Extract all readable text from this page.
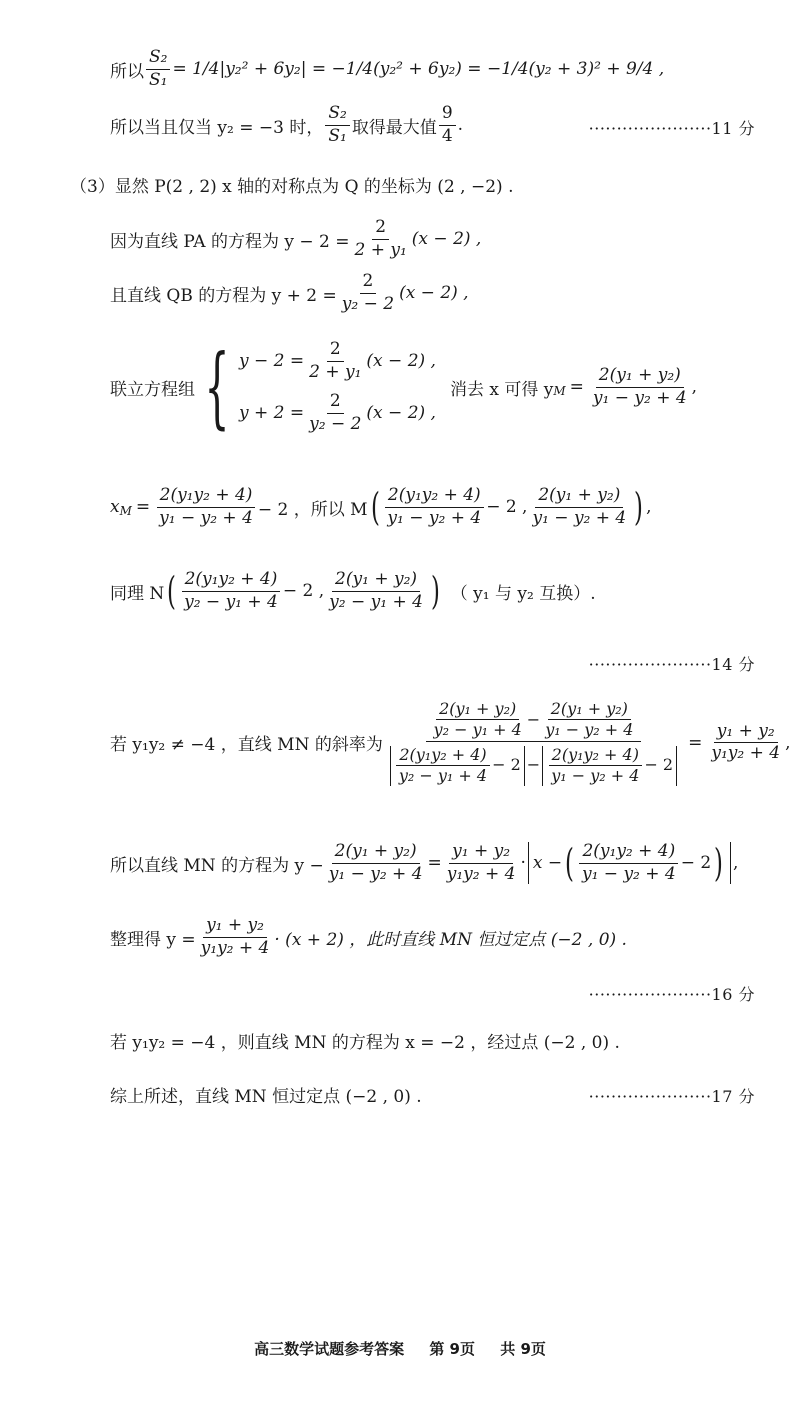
所以 $\frac{\text{S₂}}{\text{S₁}} = 1/4|y_2^2 + 6y_2| = -1/4(y_2^2 + 6y_2) = -1/4(y_2 + 3)^2 + 9/4$ ,
所以当且仅当 y₂ = −3 时， $\frac{\text{S₂}}{\text{S₁}}$ 取得最大值 $\frac{9}{4}$ .	······················11 分
（3）显然 P(2 , 2) x 轴的对称点为 Q 的坐标为 (2 , −2) .
因为直线 PA 的方程为 $y - 2 = \frac{2}{\text{2 + y₁}} (x - 2)$ ,
且直线 QB 的方程为 $y + 2 = \frac{2}{\text{y₂ − 2}} (x - 2)$ ,
联立方程组 { $y - 2 = \frac{2}{\text{2 + y₁}} (x - 2)$ ,
$y + 2 = \frac{2}{\text{y₂ − 2}} (x - 2)$ ,
消去 x 可得 y $M = \frac{\text{2(y₁ + y₂)}}{\text{y₁ − y₂ + 4}}$ ,
x $M = \frac{\text{2(y₁y₂ + 4)}}{\text{y₁ − y₂ + 4}} - 2$ ，所以 M ( $\frac{\text{2(y₁y₂ + 4)}}{\text{y₁ − y₂ + 4}} - 2$ , $\frac{\text{2(y₁ + y₂)}}{\text{y₁ − y₂ + 4}}$ ) ,
同理 N ( $\frac{\text{2(y₁y₂ + 4)}}{\text{y₂ − y₁ + 4}} - 2$ , $\frac{\text{2(y₁ + y₂)}}{\text{y₂ − y₁ + 4}}$ ) （ y₁ 与 y₂ 互换）.
······················14 分
若 y₁y₂ ≠ −4 ，直线 MN 的斜率为
$\frac{\text{2(y₁ + y₂)}}{\text{y₂ − y₁ + 4}} - \frac{\text{2(y₁ + y₂)}}{\text{y₁ − y₂ + 4}}$
$\frac{\text{2(y₁y₂ + 4)}}{\text{y₂ − y₁ + 4}} - 2 - \frac{\text{2(y₁y₂ + 4)}}{\text{y₁ − y₂ + 4}} - 2$
= $\frac{\text{y₁ + y₂}}{\text{y₁y₂ + 4}}$ ,
所以直线 MN 的方程为 $y - \frac{\text{2(y₁ + y₂)}}{\text{y₁ − y₂ + 4}} = \frac{\text{y₁ + y₂}}{\text{y₁y₂ + 4}} \cdot x$ − ( $\frac{\text{2(y₁y₂ + 4)}}{\text{y₁ − y₂ + 4}} - 2$ ) ,
整理得 $y = \frac{\text{y₁ + y₂}}{\text{y₁y₂ + 4}} \cdot (x + 2)$ ，此时直线 MN 恒过定点 (−2 , 0) .
······················16 分
若 y₁y₂ = −4 ，则直线 MN 的方程为 x = −2 ，经过点 (−2 , 0) .
综上所述，直线 MN 恒过定点 (−2 , 0) .	······················17 分
高三数学试题参考答案 第 9页 共 9页
